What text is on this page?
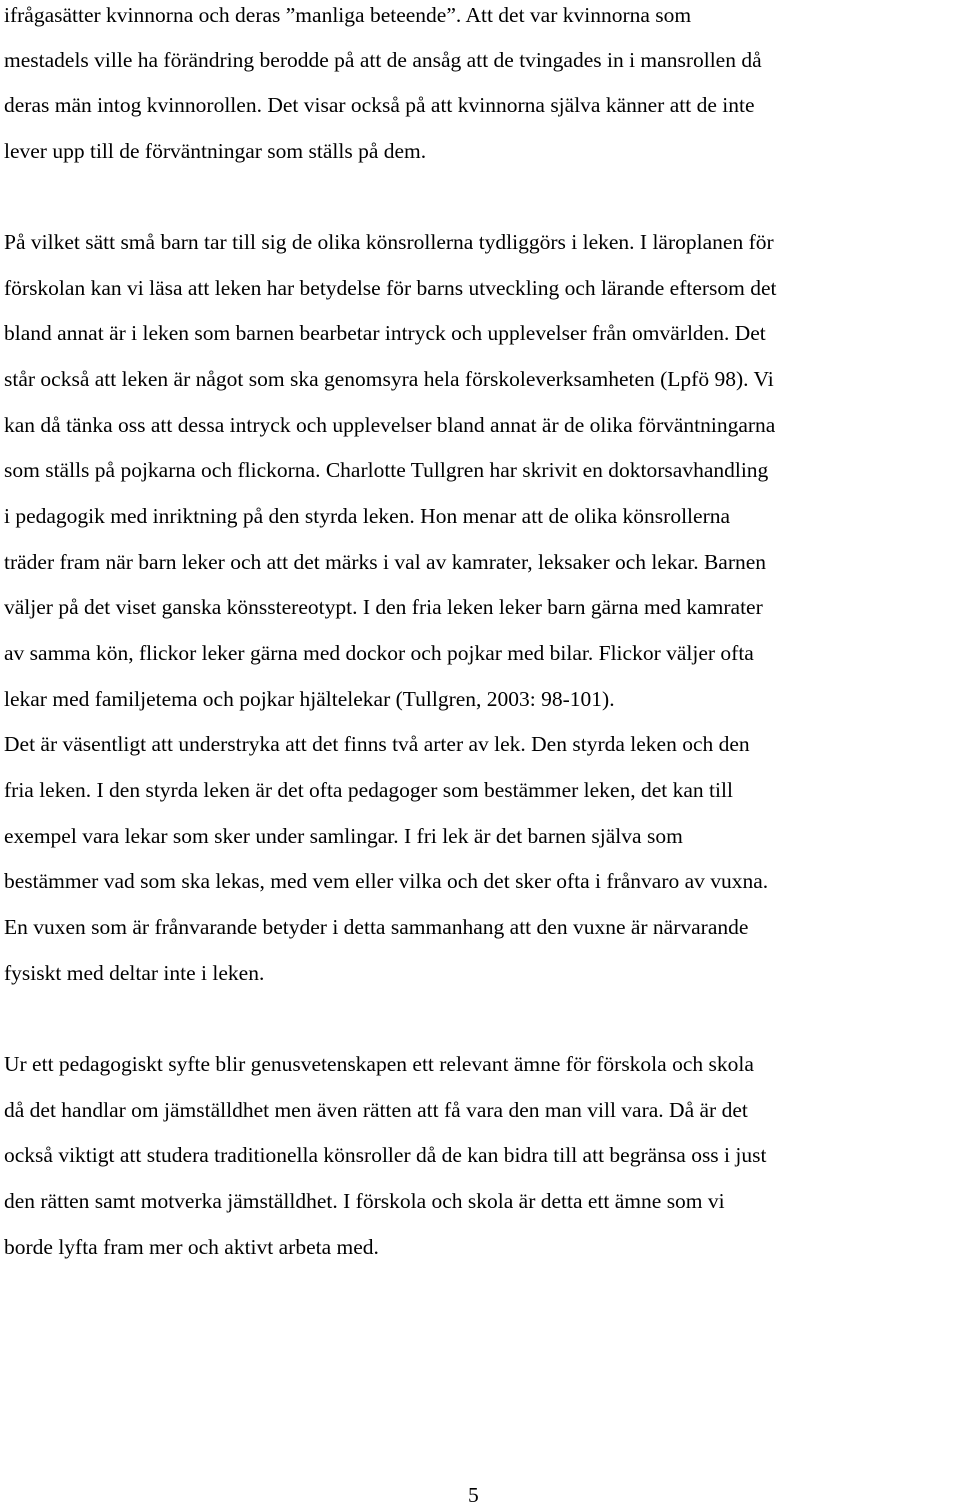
ifrågasätter kvinnorna och deras ”manliga beteende”. Att det var kvinnorna som
mestadels ville ha förändring berodde på att de ansåg att de tvingades in i mansrollen då
deras män intog kvinnorollen. Det visar också på att kvinnorna själva känner att de inte
lever upp till de förväntningar som ställs på dem.
På vilket sätt små barn tar till sig de olika könsrollerna tydliggörs i leken. I läroplanen för
förskolan kan vi läsa att leken har betydelse för barns utveckling och lärande eftersom det
bland annat är i leken som barnen bearbetar intryck och upplevelser från omvärlden. Det
står också att leken är något som ska genomsyra hela förskoleverksamheten (Lpfö 98). Vi
kan då tänka oss att dessa intryck och upplevelser bland annat är de olika förväntningarna
som ställs på pojkarna och flickorna. Charlotte Tullgren har skrivit en doktorsavhandling
i pedagogik med inriktning på den styrda leken. Hon menar att de olika könsrollerna
träder fram när barn leker och att det märks i val av kamrater, leksaker och lekar. Barnen
väljer på det viset ganska könsstereotypt. I den fria leken leker barn gärna med kamrater
av samma kön, flickor leker gärna med dockor och pojkar med bilar. Flickor väljer ofta
lekar med familjetema och pojkar hjältelekar (Tullgren, 2003: 98-101).
Det är väsentligt att understryka att det finns två arter av lek. Den styrda leken och den
fria leken. I den styrda leken är det ofta pedagoger som bestämmer leken, det kan till
exempel vara lekar som sker under samlingar. I fri lek är det barnen själva som
bestämmer vad som ska lekas, med vem eller vilka och det sker ofta i frånvaro av vuxna.
En vuxen som är frånvarande betyder i detta sammanhang att den vuxne är närvarande
fysiskt med deltar inte i leken.
Ur ett pedagogiskt syfte blir genusvetenskapen ett relevant ämne för förskola och skola
då det handlar om jämställdhet men även rätten att få vara den man vill vara. Då är det
också viktigt att studera traditionella könsroller då de kan bidra till att begränsa oss i just
den rätten samt motverka jämställdhet. I förskola och skola är detta ett ämne som vi
borde lyfta fram mer och aktivt arbeta med.
5
